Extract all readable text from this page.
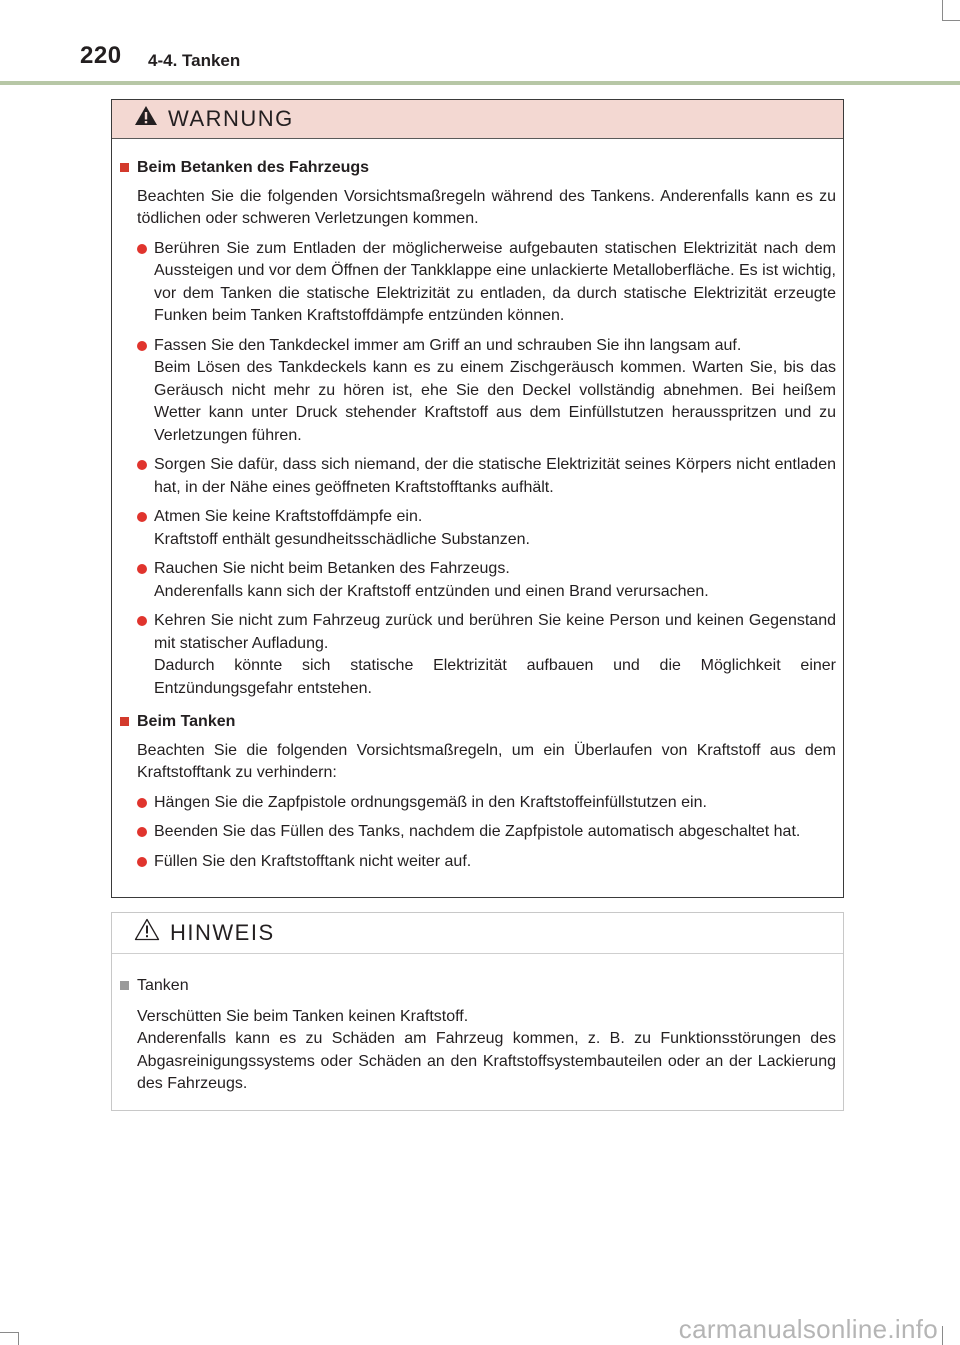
220 4-4. Tanken
WARNUNG
Beim Betanken des Fahrzeugs
Beachten Sie die folgenden Vorsichtsmaßregeln während des Tankens. Anderenfalls kann es zu tödlichen oder schweren Verletzungen kommen.
Berühren Sie zum Entladen der möglicherweise aufgebauten statischen Elektrizität nach dem Aussteigen und vor dem Öffnen der Tankklappe eine unlackierte Metalloberfläche. Es ist wichtig, vor dem Tanken die statische Elektrizität zu entladen, da durch statische Elektrizität erzeugte Funken beim Tanken Kraftstoffdämpfe entzünden können.
Fassen Sie den Tankdeckel immer am Griff an und schrauben Sie ihn langsam auf.
Beim Lösen des Tankdeckels kann es zu einem Zischgeräusch kommen. Warten Sie, bis das Geräusch nicht mehr zu hören ist, ehe Sie den Deckel vollständig abnehmen. Bei heißem Wetter kann unter Druck stehender Kraftstoff aus dem Einfüllstutzen herausspritzen und zu Verletzungen führen.
Sorgen Sie dafür, dass sich niemand, der die statische Elektrizität seines Körpers nicht entladen hat, in der Nähe eines geöffneten Kraftstofftanks aufhält.
Atmen Sie keine Kraftstoffdämpfe ein.
Kraftstoff enthält gesundheitsschädliche Substanzen.
Rauchen Sie nicht beim Betanken des Fahrzeugs.
Anderenfalls kann sich der Kraftstoff entzünden und einen Brand verursachen.
Kehren Sie nicht zum Fahrzeug zurück und berühren Sie keine Person und keinen Gegenstand mit statischer Aufladung.
Dadurch könnte sich statische Elektrizität aufbauen und die Möglichkeit einer Entzündungsgefahr entstehen.
Beim Tanken
Beachten Sie die folgenden Vorsichtsmaßregeln, um ein Überlaufen von Kraftstoff aus dem Kraftstofftank zu verhindern:
Hängen Sie die Zapfpistole ordnungsgemäß in den Kraftstoffeinfüllstutzen ein.
Beenden Sie das Füllen des Tanks, nachdem die Zapfpistole automatisch abgeschaltet hat.
Füllen Sie den Kraftstofftank nicht weiter auf.
HINWEIS
Tanken
Verschütten Sie beim Tanken keinen Kraftstoff.
Anderenfalls kann es zu Schäden am Fahrzeug kommen, z. B. zu Funktionsstörungen des Abgasreinigungssystems oder Schäden an den Kraftstoffsystembauteilen oder an der Lackierung des Fahrzeugs.
carmanualsonline.info
